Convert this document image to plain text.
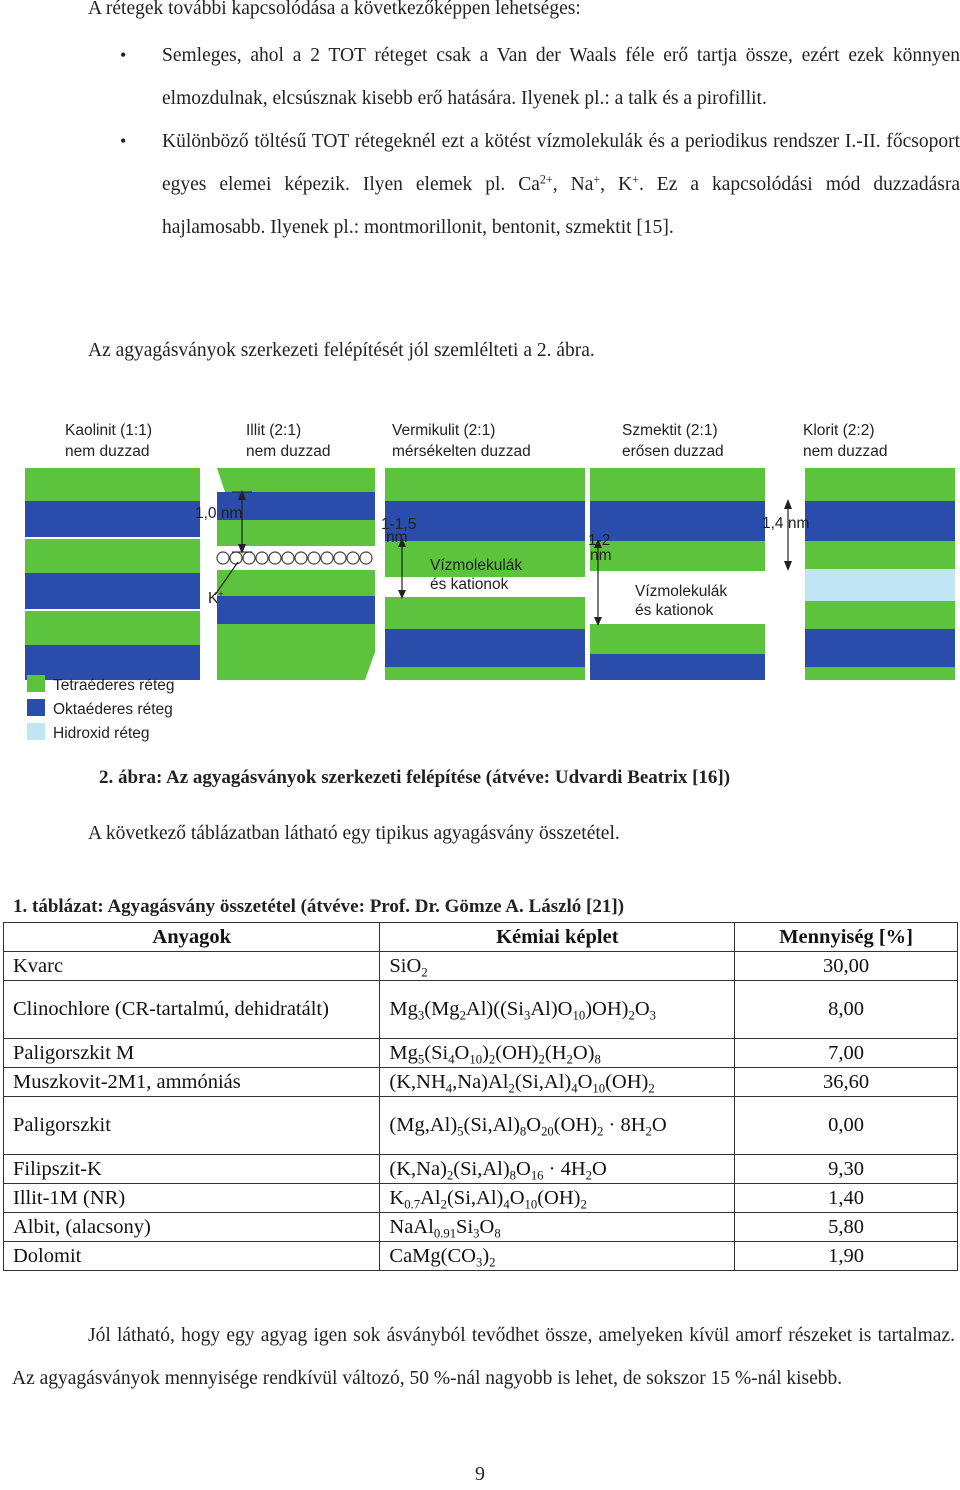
A rétegek további kapcsolódása a következőképpen lehetséges:
• Semleges, ahol a 2 TOT réteget csak a Van der Waals féle erő tartja össze, ezért ezek könnyen elmozdulnak, elcsúsznak kisebb erő hatására. Ilyenek pl.: a talk és a pirofillit.
• Különböző töltésű TOT rétegeknél ezt a kötést vízmolekulák és a periodikus rendszer I.-II. főcsoport egyes elemei képezik. Ilyen elemek pl. $Ca^{2+}$, Na+, K+. Ez a kapcsolódási mód duzzadásra hajlamosabb. Ilyenek pl.: montmorillonit, bentonit, szmektit [15].
Az agyagásványok szerkezeti felépítését jól szemlélteti a 2. ábra.
Kaolinit (1:1)
nem duzzad
Illit (2:1)
nem duzzad
Vermikulit (2:1)
mérsékelten duzzad
Szmektit (2:1)
erősen duzzad
Klorit (2:2)
nem duzzad
1,0 nm
K+
1-1,5
nm
Vízmolekulák
és kationok
1-2
nm
Vízmolekulák
és kationok
1,4 nm
Tetraéderes réteg
Oktaéderes réteg
Hidroxid réteg
2. ábra: Az agyagásványok szerkezeti felépítése (átvéve: Udvardi Beatrix [16])
A következő táblázatban látható egy tipikus agyagásvány összetétel.
1. táblázat: Agyagásvány összetétel (átvéve: Prof. Dr. Gömze A. László [21])
Anyagok	Kémiai képlet	Mennyiség [%]
Kvarc	SiO$_2$	30,00
Clinochlore (CR-tartalmú, dehidratált)	$Mg_3(Mg_2Al)((Si_3Al)O_{10})OH)_2O_3$	8,00
Paligorszkit M	$Mg_5(Si_4O_{10})_2(OH)_2(H_2O)_8$	7,00
Muszkovit-2M1, ammóniás	$(K,NH_4,Na)Al_2(Si,Al)_4O_{10}(OH)_2$	36,60
Paligorszkit	$(Mg,Al)_5(Si,Al)_8O_{20}(OH)_2 \cdot 8H_2O$	0,00
Filipszit-K	$(K,Na)_2(Si,Al)_8O_{16} \cdot 4H_2O$	9,30
Illit-1M (NR)	$K_{0.7}Al_2(Si,Al)_4O_{10}(OH)_2$	1,40
Albit, (alacsony)	$NaAl_{0.91}Si_3O_8$	5,80
Dolomit	$CaMg(CO_3)_2$	1,90
Jól látható, hogy egy agyag igen sok ásványból tevődhet össze, amelyeken kívül amorf részeket is tartalmaz. Az agyagásványok mennyisége rendkívül változó, 50 %-nál nagyobb is lehet, de sokszor 15 %-nál kisebb.
9
